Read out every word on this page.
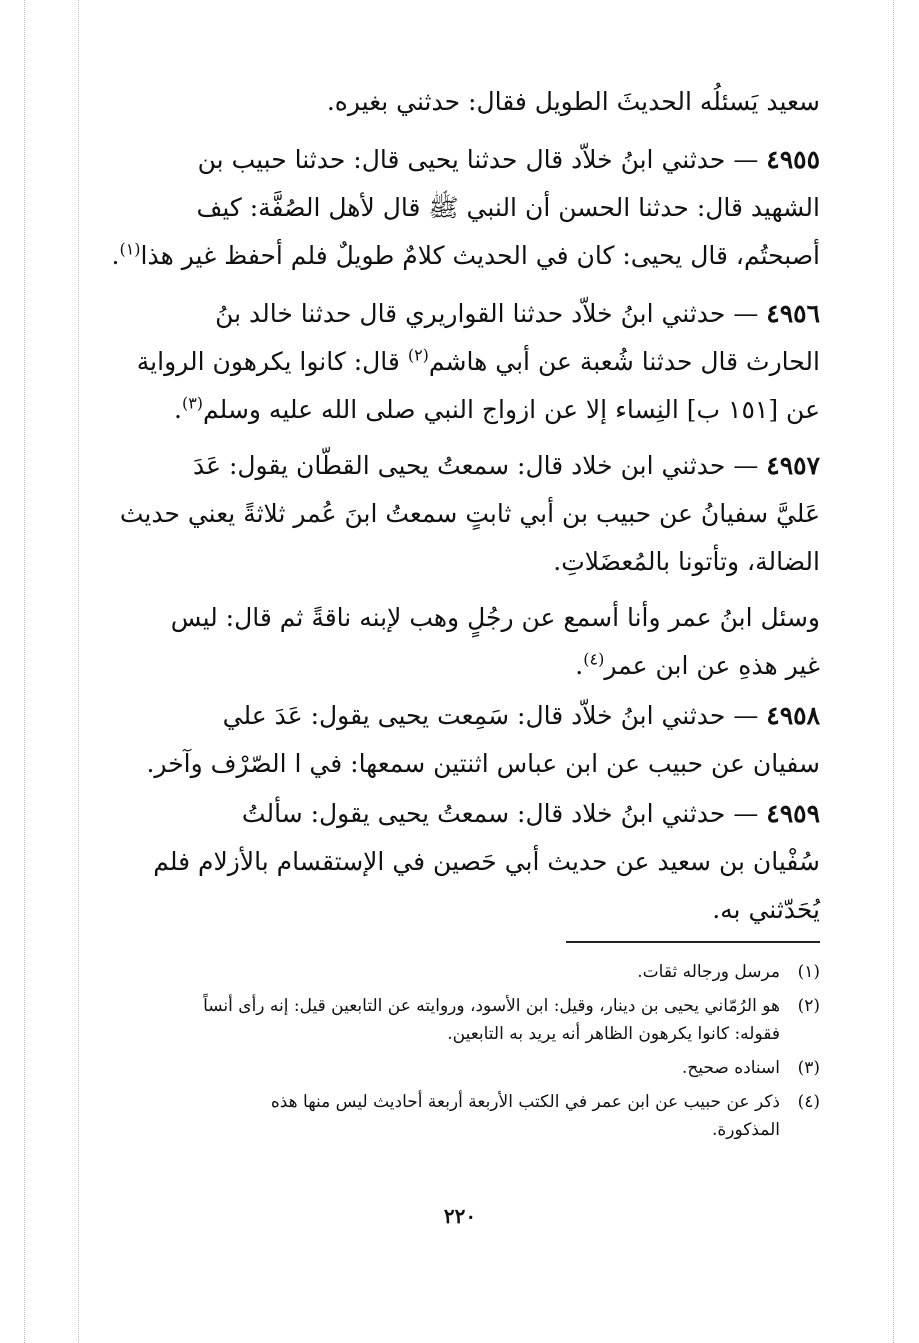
سعيد يَسئلُه الحديثَ الطويل فقال: حدثني بغيره.
٤٩٥٥ — حدثني ابنُ خلاّد قال حدثنا يحيى قال: حدثنا حبيب بن
الشهيد قال: حدثنا الحسن أن النبي ﷺ قال لأهل الصُفَّة: كيف
أصبحتُم، قال يحيى: كان في الحديث كلامٌ طويلٌ فلم أحفظ غير هذا$^{(١)}$.
٤٩٥٦ — حدثني ابنُ خلاّد حدثنا القواريري قال حدثنا خالد بنُ
الحارث قال حدثنا شُعبة عن أبي هاشم$^{(٢)}$ قال: كانوا يكرهون الرواية
عن [١٥١ ب] النِساء إلا عن ازواج النبي صلى الله عليه وسلم$^{(٣)}$.
٤٩٥٧ — حدثني ابن خلاد قال: سمعتُ يحيى القطّان يقول: عَدَ
عَليَّ سفيانُ عن حبيب بن أبي ثابتٍ سمعتُ ابنَ عُمر ثلاثةً يعني حديث
الضالة، وتأتونا بالمُعضَلاتِ.
وسئل ابنُ عمر وأنا أسمع عن رجُلٍ وهب لإبنه ناقةً ثم قال: ليس
غير هذهِ عن ابن عمر$^{(٤)}$.
٤٩٥٨ — حدثني ابنُ خلاّد قال: سَمِعت يحيى يقول: عَدَ علي
سفيان عن حبيب عن ابن عباس اثنتين سمعها: في ا الصّرْف وآخر.
٤٩٥٩ — حدثني ابنُ خلاد قال: سمعتُ يحيى يقول: سألتُ
سُفْيان بن سعيد عن حديث أبي حَصين في الإستقسام بالأزلام فلم
يُحَدّثني به.
(١)
مرسل ورجاله ثقات.
(٢)
هو الرُمّاني يحيى بن دينار، وقيل: ابن الأسود، وروايته عن التابعين قيل: إنه رأى أنساً
فقوله: كانوا يكرهون الظاهر أنه يريد به التابعين.
(٣)
اسناده صحيح.
(٤)
ذكر عن حبيب عن ابن عمر في الكتب الأربعة أربعة أحاديث ليس منها هذه
المذكورة.
٢٢٠
